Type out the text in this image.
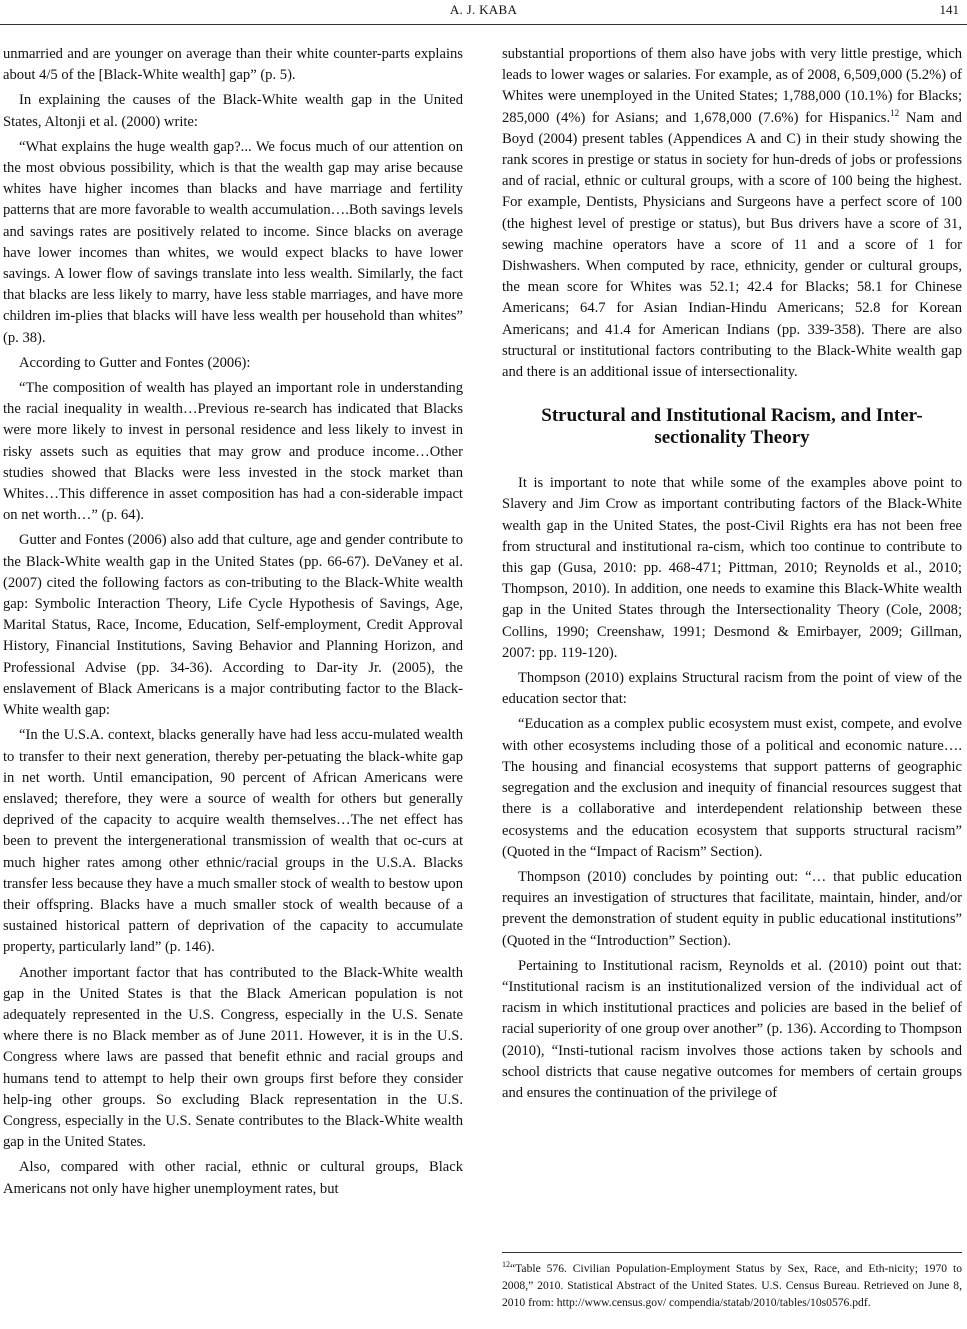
A. J. KABA	141

unmarried and are younger on average than their white counter-parts explains about 4/5 of the [Black-White wealth] gap” (p. 5).

In explaining the causes of the Black-White wealth gap in the United States, Altonji et al. (2000) write:

“What explains the huge wealth gap?... We focus much of our attention on the most obvious possibility, which is that the wealth gap may arise because whites have higher incomes than blacks and have marriage and fertility patterns that are more favorable to wealth accumulation….Both savings levels and savings rates are positively related to income. Since blacks on average have lower incomes than whites, we would expect blacks to have lower savings. A lower flow of savings translate into less wealth. Similarly, the fact that blacks are less likely to marry, have less stable marriages, and have more children im-plies that blacks will have less wealth per household than whites” (p. 38).

According to Gutter and Fontes (2006):

“The composition of wealth has played an important role in understanding the racial inequality in wealth…Previous re-search has indicated that Blacks were more likely to invest in personal residence and less likely to invest in risky assets such as equities that may grow and produce income…Other studies showed that Blacks were less invested in the stock market than Whites…This difference in asset composition has had a con-siderable impact on net worth…” (p. 64).

Gutter and Fontes (2006) also add that culture, age and gender contribute to the Black-White wealth gap in the United States (pp. 66-67). DeVaney et al. (2007) cited the following factors as con-tributing to the Black-White wealth gap: Symbolic Interaction Theory, Life Cycle Hypothesis of Savings, Age, Marital Status, Race, Income, Education, Self-employment, Credit Approval History, Financial Institutions, Saving Behavior and Planning Horizon, and Professional Advise (pp. 34-36). According to Dar-ity Jr. (2005), the enslavement of Black Americans is a major contributing factor to the Black-White wealth gap:

“In the U.S.A. context, blacks generally have had less accu-mulated wealth to transfer to their next generation, thereby per-petuating the black-white gap in net worth. Until emancipation, 90 percent of African Americans were enslaved; therefore, they were a source of wealth for others but generally deprived of the capacity to acquire wealth themselves…The net effect has been to prevent the intergenerational transmission of wealth that oc-curs at much higher rates among other ethnic/racial groups in the U.S.A. Blacks transfer less because they have a much smaller stock of wealth to bestow upon their offspring. Blacks have a much smaller stock of wealth because of a sustained historical pattern of deprivation of the capacity to accumulate property, particularly land” (p. 146).

Another important factor that has contributed to the Black-White wealth gap in the United States is that the Black American population is not adequately represented in the U.S. Congress, especially in the U.S. Senate where there is no Black member as of June 2011. However, it is in the U.S. Congress where laws are passed that benefit ethnic and racial groups and humans tend to attempt to help their own groups first before they consider help-ing other groups. So excluding Black representation in the U.S. Congress, especially in the U.S. Senate contributes to the Black-White wealth gap in the United States.

Also, compared with other racial, ethnic or cultural groups, Black Americans not only have higher unemployment rates, but

substantial proportions of them also have jobs with very little prestige, which leads to lower wages or salaries. For example, as of 2008, 6,509,000 (5.2%) of Whites were unemployed in the United States; 1,788,000 (10.1%) for Blacks; 285,000 (4%) for Asians; and 1,678,000 (7.6%) for Hispanics.$^{12}$ Nam and Boyd (2004) present tables (Appendices A and C) in their study showing the rank scores in prestige or status in society for hun-dreds of jobs or professions and of racial, ethnic or cultural groups, with a score of 100 being the highest. For example, Dentists, Physicians and Surgeons have a perfect score of 100 (the highest level of prestige or status), but Bus drivers have a score of 31, sewing machine operators have a score of 11 and a score of 1 for Dishwashers. When computed by race, ethnicity, gender or cultural groups, the mean score for Whites was 52.1; 42.4 for Blacks; 58.1 for Chinese Americans; 64.7 for Asian Indian-Hindu Americans; 52.8 for Korean Americans; and 41.4 for American Indians (pp. 339-358). There are also structural or institutional factors contributing to the Black-White wealth gap and there is an additional issue of intersectionality.

Structural and Institutional Racism, and Inter-
sectionality Theory

It is important to note that while some of the examples above point to Slavery and Jim Crow as important contributing factors of the Black-White wealth gap in the United States, the post-Civil Rights era has not been free from structural and institutional ra-cism, which too continue to contribute to this gap (Gusa, 2010: pp. 468-471; Pittman, 2010; Reynolds et al., 2010; Thompson, 2010). In addition, one needs to examine this Black-White wealth gap in the United States through the Intersectionality Theory (Cole, 2008; Collins, 1990; Creenshaw, 1991; Desmond & Emirbayer, 2009; Gillman, 2007: pp. 119-120).

Thompson (2010) explains Structural racism from the point of view of the education sector that:

“Education as a complex public ecosystem must exist, compete, and evolve with other ecosystems including those of a political and economic nature…. The housing and financial ecosystems that support patterns of geographic segregation and the exclusion and inequity of financial resources suggest that there is a collaborative and interdependent relationship between these ecosystems and the education ecosystem that supports structural racism” (Quoted in the “Impact of Racism” Section).

Thompson (2010) concludes by pointing out: “… that public education requires an investigation of structures that facilitate, maintain, hinder, and/or prevent the demonstration of student equity in public educational institutions” (Quoted in the “Introduction” Section).

Pertaining to Institutional racism, Reynolds et al. (2010) point out that: “Institutional racism is an institutionalized version of the individual act of racism in which institutional practices and policies are based in the belief of racial superiority of one group over another” (p. 136). According to Thompson (2010), “Insti-tutional racism involves those actions taken by schools and school districts that cause negative outcomes for members of certain groups and ensures the continuation of the privilege of

$^{12}$“Table 576. Civilian Population-Employment Status by Sex, Race, and Eth-nicity; 1970 to 2008,” 2010. Statistical Abstract of the United States. U.S. Census Bureau. Retrieved on June 8, 2010 from: http://www.census.gov/ compendia/statab/2010/tables/10s0576.pdf.
